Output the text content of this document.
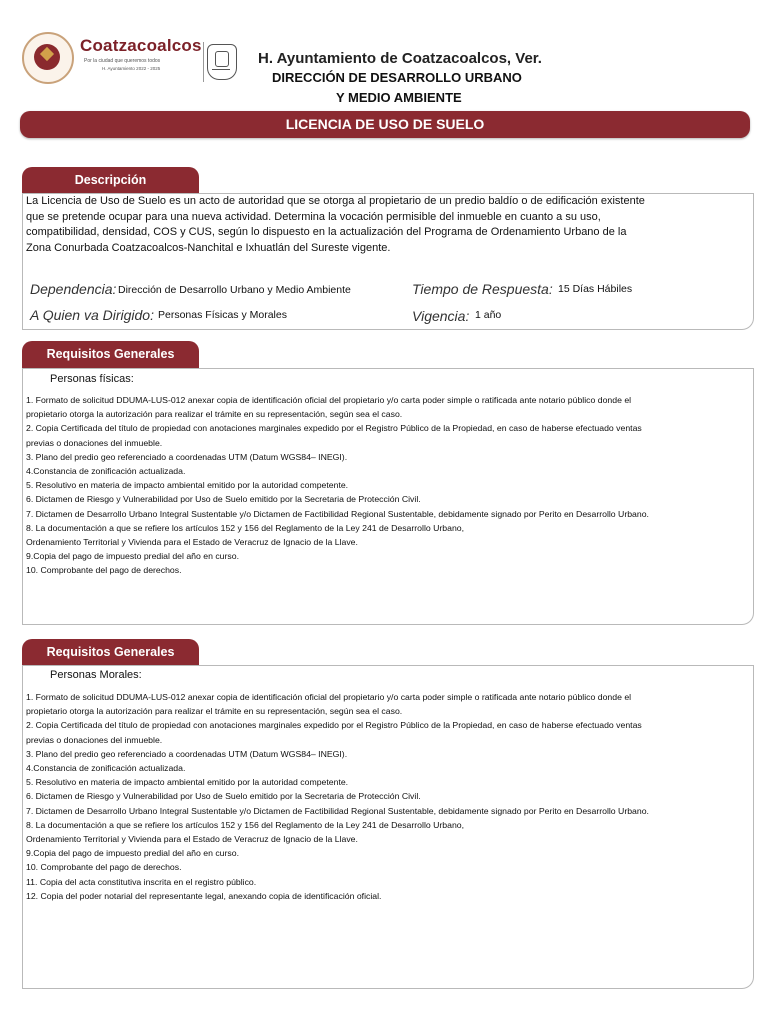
Coatzacoalcos
Por la ciudad que queremos todos
H. Ayuntamiento 2022 - 2025
H. Ayuntamiento de Coatzacoalcos, Ver.
DIRECCIÓN DE DESARROLLO URBANO
Y MEDIO AMBIENTE
LICENCIA DE USO DE SUELO
Descripción
La Licencia de Uso de Suelo es un acto de autoridad que se otorga al propietario de un predio baldío o de edificación existente que se pretende ocupar para una nueva actividad. Determina la vocación permisible del inmueble en cuanto a su uso, compatibilidad, densidad, COS y CUS, según lo dispuesto en la actualización del Programa de Ordenamiento Urbano de la Zona Conurbada Coatzacoalcos-Nanchital e Ixhuatlán del Sureste vigente.
Dependencia: Dirección de Desarrollo Urbano y Medio Ambiente	Tiempo de Respuesta: 15 Días Hábiles
A Quien va Dirigido: Personas Físicas y Morales	Vigencia: 1 año
Requisitos Generales
Personas físicas:
1. Formato de solicitud DDUMA-LUS-012 anexar copia de identificación oficial del propietario y/o carta poder simple o ratificada ante notario público donde el
propietario otorga la autorización para realizar el trámite en su representación, según sea el caso.
2. Copia Certificada del título de propiedad con anotaciones marginales expedido por el Registro Público de la Propiedad, en caso de haberse efectuado ventas
previas o donaciones del inmueble.
3. Plano del predio geo referenciado a coordenadas UTM (Datum WGS84– INEGI).
4.Constancia de zonificación actualizada.
5. Resolutivo en materia de impacto ambiental emitido por la autoridad competente.
6. Dictamen de Riesgo y Vulnerabilidad por Uso de Suelo emitido por la Secretaria de Protección Civil.
7. Dictamen de Desarrollo Urbano Integral Sustentable y/o Dictamen de Factibilidad Regional Sustentable, debidamente signado por Perito en Desarrollo Urbano.
8. La documentación a que se refiere los artículos 152 y 156 del Reglamento de la Ley 241 de Desarrollo Urbano,
Ordenamiento Territorial y Vivienda para el Estado de Veracruz de Ignacio de la Llave.
9.Copia del pago de impuesto predial del año en curso.
10. Comprobante del pago de derechos.
Requisitos Generales
Personas Morales:
1. Formato de solicitud DDUMA-LUS-012 anexar copia de identificación oficial del propietario y/o carta poder simple o ratificada ante notario público donde el
propietario otorga la autorización para realizar el trámite en su representación, según sea el caso.
2. Copia Certificada del título de propiedad con anotaciones marginales expedido por el Registro Público de la Propiedad, en caso de haberse efectuado ventas
previas o donaciones del inmueble.
3. Plano del predio geo referenciado a coordenadas UTM (Datum WGS84– INEGI).
4.Constancia de zonificación actualizada.
5. Resolutivo en materia de impacto ambiental emitido por la autoridad competente.
6. Dictamen de Riesgo y Vulnerabilidad por Uso de Suelo emitido por la Secretaria de Protección Civil.
7. Dictamen de Desarrollo Urbano Integral Sustentable y/o Dictamen de Factibilidad Regional Sustentable, debidamente signado por Perito en Desarrollo Urbano.
8. La documentación a que se refiere los artículos 152 y 156 del Reglamento de la Ley 241 de Desarrollo Urbano,
Ordenamiento Territorial y Vivienda para el Estado de Veracruz de Ignacio de la Llave.
9.Copia del pago de impuesto predial del año en curso.
10. Comprobante del pago de derechos.
11. Copia del acta constitutiva inscrita en el registro público.
12. Copia del poder notarial del representante legal, anexando copia de identificación oficial.
